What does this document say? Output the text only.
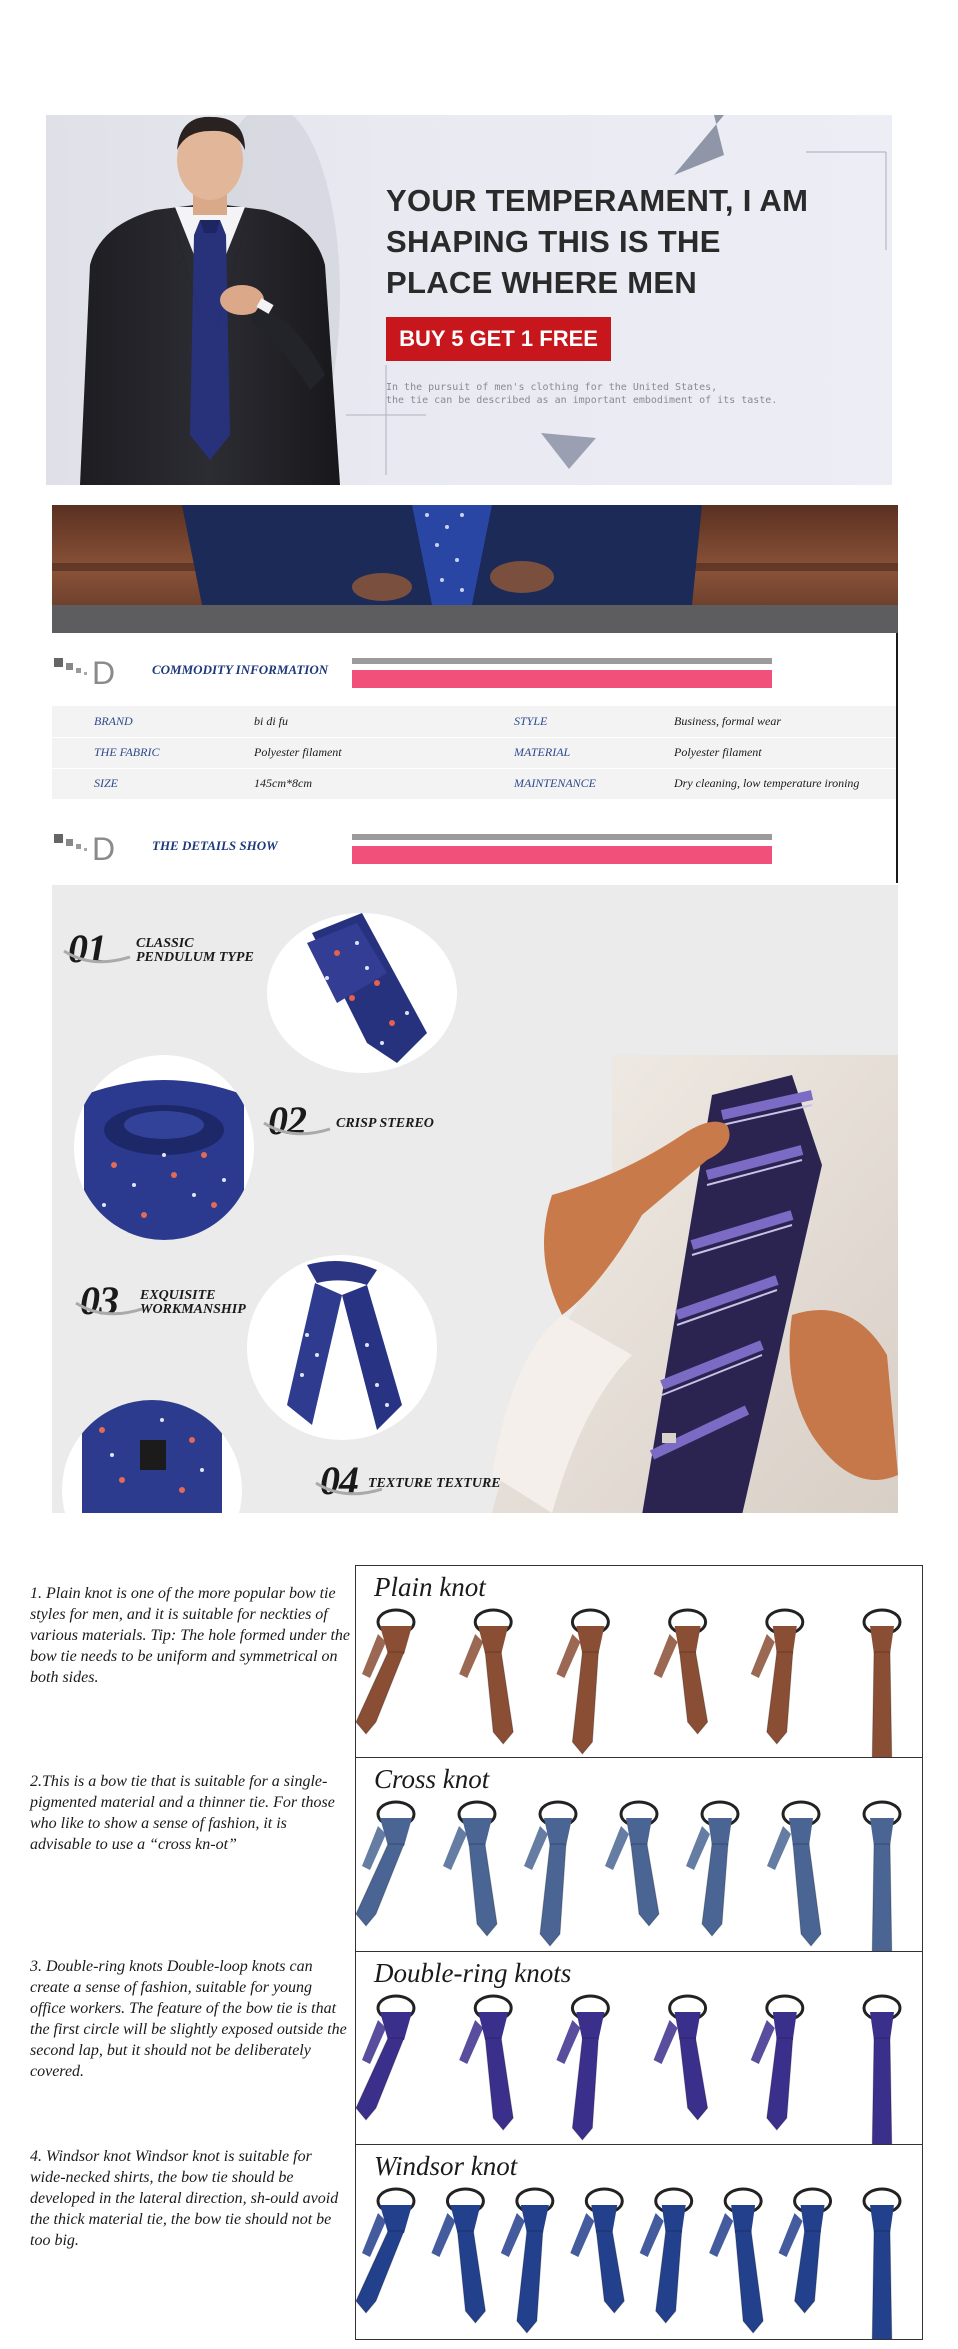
YOUR TEMPERAMENT, I AM
SHAPING THIS IS THE
PLACE WHERE MEN
BUY 5 GET 1 FREE
In the pursuit of men's clothing for the United States,
the tie can be described as an important embodiment of its taste.
D	COMMODITY INFORMATION
BRAND	bi di fu	STYLE	Business, formal wear
THE FABRIC	Polyester filament	MATERIAL	Polyester filament
SIZE	145cm*8cm	MAINTENANCE	Dry cleaning, low temperature ironing
D	THE DETAILS SHOW
01 CLASSIC
PENDULUM TYPE
02 CRISP STEREO
03 EXQUISITE
WORKMANSHIP
04 TEXTURE TEXTURE
1. Plain knot is one of the more popular bow tie styles for men, and it is suitable for neckties of various materials. Tip: The hole formed under the bow tie needs to be uniform and symmetrical on both sides.
2.This is a bow tie that is suitable for a single-pigmented material and a thinner tie. For those who like to show a sense of fashion, it is advisable to use a “cross kn-ot”
3. Double-ring knots Double-loop knots can create a sense of fashion, suitable for young office workers. The feature of the bow tie is that the first circle will be slightly exposed outside the second lap, but it should not be deliberately covered.
4. Windsor knot Windsor knot is suitable for wide-necked shirts, the bow tie should be developed in the lateral direction, sh-ould avoid the thick material tie, the bow tie should not be too big.
Plain knot
Cross knot
Double-ring knots
Windsor knot
